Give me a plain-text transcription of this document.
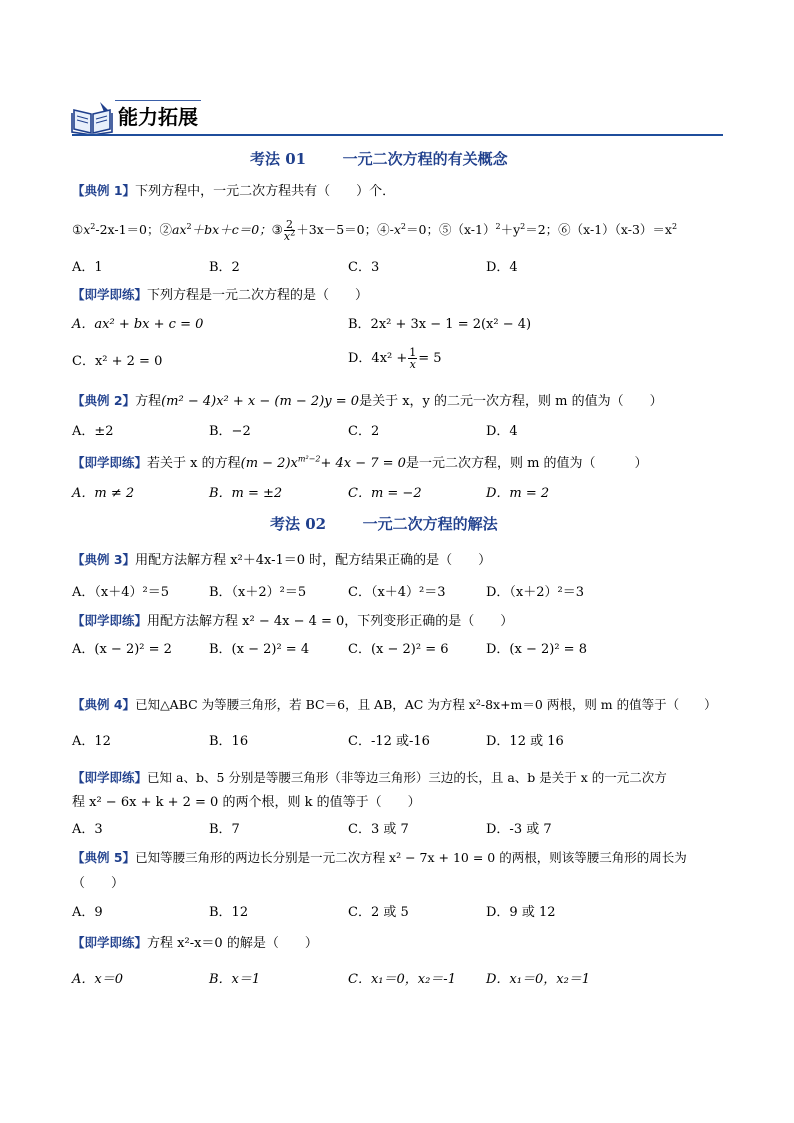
能力拓展
考法 01 一元二次方程的有关概念
【典例 1】下列方程中，一元二次方程共有（　　）个．
$①x^2-2x-1=0$；$②ax^2+bx+c=0$；③ $\frac{2}{x^2} +3x-5=0$；$④-x^2=0$；$⑤(x-1)^2+y^2=2$；$⑥(x-1)(x-3)=x^2$
A．1	B．2	C．3	D．4
【即学即练】下列方程是一元二次方程的是（　　）
A．ax² + bx + c = 0	B．2x² + 3x − 1 = 2(x² − 4)
C．x² + 2 = 0	D．$4x^2 + \frac{1}{x} = 5$
【典例 2】方程(m² − 4)x² + x − (m − 2)y = 0是关于 x，y 的二元一次方程，则 m 的值为（　　）
A．±2	B．−2	C．2	D．4
【即学即练】若关于 x 的方程$(m - 2)x^{m^2-2}+ 4x - 7 = 0$是一元二次方程，则 m 的值为（　　　）
A．m ≠ 2	B．m = ±2	C．m = −2	D．m = 2
考法 02 一元二次方程的解法
【典例 3】用配方法解方程 x²＋4x-1＝0 时，配方结果正确的是（　　）
A．（x＋4）²＝5	B．（x＋2）²＝5	C．（x＋4）²＝3	D．（x＋2）²＝3
【即学即练】用配方法解方程 x² − 4x − 4 = 0，下列变形正确的是（　　）
A．(x − 2)² = 2	B．(x − 2)² = 4	C．(x − 2)² = 6	D．(x − 2)² = 8
【典例 4】已知△ABC 为等腰三角形，若 BC＝6，且 AB，AC 为方程 x²-8x+m＝0 两根，则 m 的值等于（　　）
A．12	B．16	C．-12 或-16	D．12 或 16
【即学即练】已知 a、b、5 分别是等腰三角形（非等边三角形）三边的长，且 a、b 是关于 x 的一元二次方
程 x² − 6x + k + 2 = 0 的两个根，则 k 的值等于（　　）
A．3	B．7	C．3 或 7	D．-3 或 7
【典例 5】已知等腰三角形的两边长分别是一元二次方程 x² − 7x + 10 = 0 的两根，则该等腰三角形的周长为
（　　）
A．9	B．12	C．2 或 5	D．9 或 12
【即学即练】方程 x²-x＝0 的解是（　　）
A．x＝0	B．x＝1	C．x₁＝0，x₂＝-1 D．x₁＝0，x₂＝1
